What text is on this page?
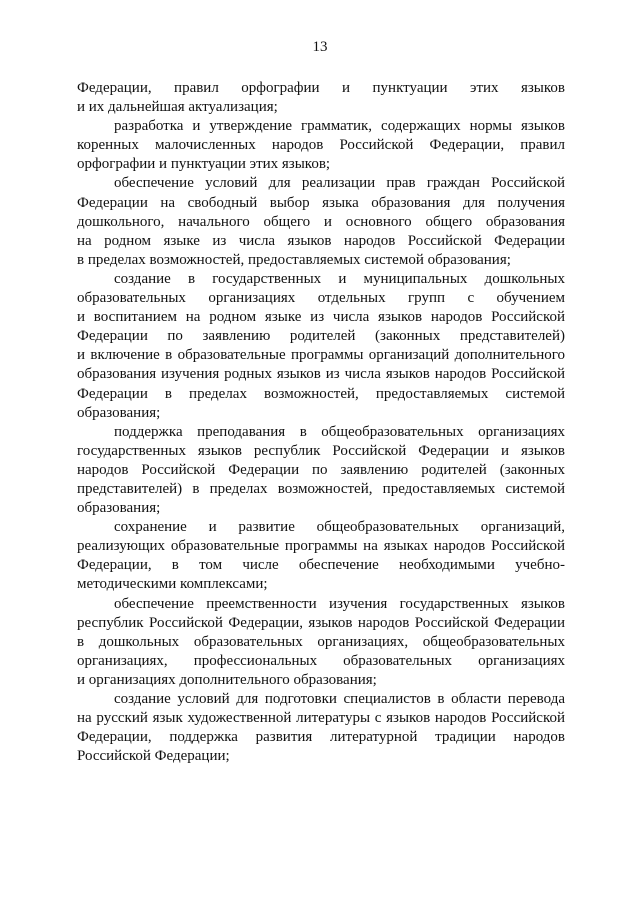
13
Федерации, правил орфографии и пунктуации этих языков
и их дальнейшая актуализация;
разработка и утверждение грамматик, содержащих нормы языков
коренных малочисленных народов Российской Федерации, правил
орфографии и пунктуации этих языков;
обеспечение условий для реализации прав граждан Российской
Федерации на свободный выбор языка образования для получения
дошкольного, начального общего и основного общего образования
на родном языке из числа языков народов Российской Федерации
в пределах возможностей, предоставляемых системой образования;
создание в государственных и муниципальных дошкольных
образовательных организациях отдельных групп с обучением
и воспитанием на родном языке из числа языков народов Российской
Федерации по заявлению родителей (законных представителей)
и включение в образовательные программы организаций дополнительного
образования изучения родных языков из числа языков народов Российской
Федерации в пределах возможностей, предоставляемых системой
образования;
поддержка преподавания в общеобразовательных организациях
государственных языков республик Российской Федерации и языков
народов Российской Федерации по заявлению родителей (законных
представителей) в пределах возможностей, предоставляемых системой
образования;
сохранение и развитие общеобразовательных организаций,
реализующих образовательные программы на языках народов Российской
Федерации, в том числе обеспечение необходимыми учебно-
методическими комплексами;
обеспечение преемственности изучения государственных языков
республик Российской Федерации, языков народов Российской Федерации
в дошкольных образовательных организациях, общеобразовательных
организациях, профессиональных образовательных организациях
и организациях дополнительного образования;
создание условий для подготовки специалистов в области перевода
на русский язык художественной литературы с языков народов Российской
Федерации, поддержка развития литературной традиции народов
Российской Федерации;
